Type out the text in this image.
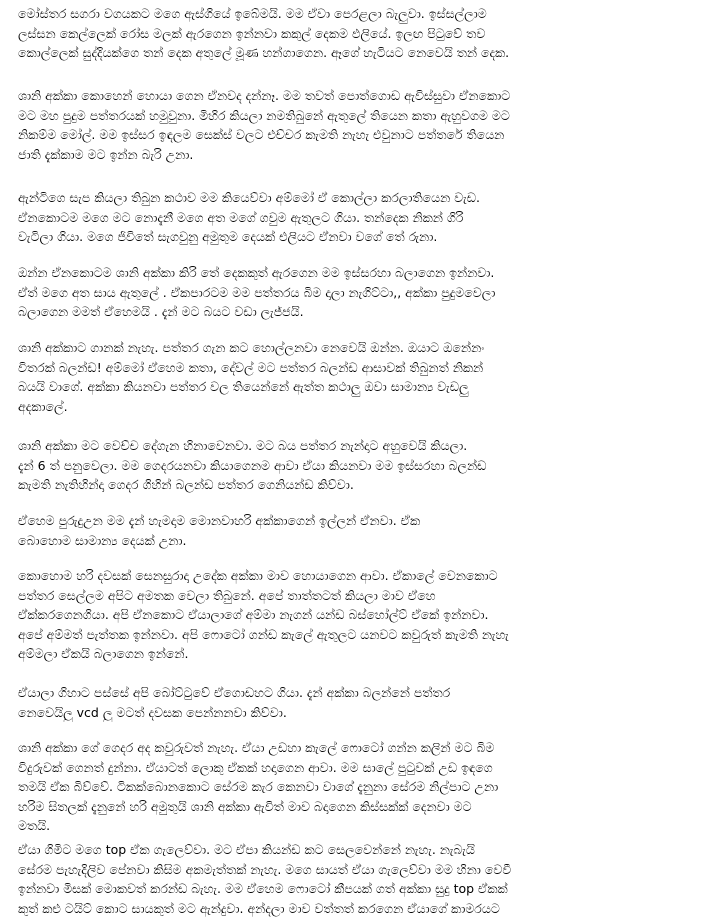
මෝස්තර සගරා වගයකට මගෙ ඇස්ගියේ ඉබේමයි. මම ඒවා පෙරළලා බැලුවා. ඉස්සල්ලාම
ලස්සන කෙල්ලෙක් රෝස මලක් ඇරගෙන ඉන්නවා කකුල් දෙකම ඵලියේ. ඉලඟ පිටුවේ තව
කොල්ලෙක් සුද්දියක්ගෙ තන් දෙක අතුලේ මූණ හන්ගාගෙන. ඈගේ හැටියට නෙවෙයි තන් දෙක.
ශානි අක්කා කොහෙන් හොයා ගෙන ඒනවද දන්නෑ. මම තවත් පොත්ගොඩ ඇවිස්සුවා ඒනකොට
මට මහ පුදුම පත්තරයක් හමුවුනා. මිහිර කියලා නමතිබුනේ ඇතුලේ තියෙන කතා ඇහුවගම මට
නිකම්ම මෝල්. මම ඉස්සර ඉඳලම සෙක්ස් වලට එච්චර කැමති නැහැ එවුනාට පත්තරේ තියෙන
ජාති දැක්කාම මට ඉන්න බැරි උනා.
ඇන්ටිගෙ සැප කියලා තිබුන කථාව මම කියෙව්වා අම්මෝ ඒ කොල්ලා කරලාතියෙන වැඩ.
ඒනකොටම මගෙ මට නොදැනී මගෙ අත මගේ ගවුම ඇතුලට ගියා. තන්දෙක නිකන් ගිරි
වැටිලා ගියා. මගෙ ජිවිතේ සැගවුනු අමුතුම දෙයක් එලියට ඒනවා වගේ තේ රුනා.
ඔන්න ඒනකොටම ශානි අක්කා කිරි තේ දෙකකුත් ඇරගෙන මම ඉස්සරහා බලාගෙන ඉන්නවා.
ඒත් මගෙ අත සාය ඇතුලේ . ඒකපාරටම මම පත්තරය බිම දාලා නැගිට්ටා,, අක්කා පුදුමවෙලා
බලාගෙන මමත් ඒහෙමයි . දැන් මට බයට වඩා ලැජ්ජයි.
ශානි අක්කාට ගානක් නැහැ. පත්තර ගැන කට හොල්ලනවා නෙවෙයි ඔන්න. ඔයාට ඔනේනං
විතරක් බලන්ඩ! අම්මෝ ඒහෙම කතා, දේවල් මට පත්තර බලන්ඩ ආසාවක් තිබුනත් නිකන්
බයයි වාගේ. අක්කා කියනවා පත්තර වල තියෙන්නේ ඇත්ත කථාලු ඔවා සාමාන්‍ය වැඩලු
අදකාලේ.
ශානි අක්කා මට වෙච්ච දේගැන හිනාවෙනවා. මට බය පත්තර නැන්දාට අහුවෙයි කියලා.
දැන් 6 ත් පනුවෙලා. මම ගෙදරයනවා කියාගෙනම ආවා ඒයා කියනවා මම ඉස්සරහා බලන්ඩ
කැමති නැතිහින්දා ගෙදර ගිහින් බලන්ඩ පත්තර ගෙනියන්ඩ කිව්වා.
ඒහෙම පුරුදුඋන මම දැන් හැමදාම මොනවාහරි අක්කාගෙන් ඉල්ලන් ඒනවා. ඒක
බොහොම සාමාන්‍ය දෙයක් උනා.
කොහොම හරි දවසක් සෙනසුරාදා උදේක අක්කා මාව හොයාගෙන ආවා. ඒකාලේ වෙනකොට
පත්තර සෙල්ලම අපිට අමතක වෙලා තිබුනේ. අපේ තාත්තටත් කියලා මාව ඒහෙ
ඒක්කරගෙනගියා. අපි ඒනකොට ඒයාලාගේ අම්මා නැගන් යන්ඩ බස්හෝල්ට් ඒකේ ඉන්නවා.
අපේ අම්මත් පැත්තක ඉන්නවා. අපි ෆොටෝ ගන්ඩ කැලේ ඇතුලට යනවට කවුරුත් කැමති නැහැ
අම්මලා ඒකයි බලාගෙන ඉන්නේ.
ඒයාලා ගිහාට පස්සේ අපි බෝට්ටුවේ ඒගොඩහට ගියා. දැන් අක්කා බලන්නේ පත්තර
නෙවෙයිලු vcd ලු මටත් දවසක පෙන්නනවා කිව්වා.
ශානි අක්කා ගේ ගෙදර අද කවුරුවත් නැහැ. ඒයා උඩහා කැලේ ෆොටෝ ගන්න කලින් මට බිම
විදුරුවක් ගෙනත් දුන්නා. ඒයාටත් ලොකු ඒකක් හදාගෙන ආවා. මම සාලේ පුටුවක් උඩ ඉඳගෙ
තමයි ඒක බිව්වේ. ටිකක්බොනකොට සේරම කැර කෙනවා වාගේ දැනුනා සේරම නිල්පාට උනා
හරිම සිතලක් දැනුනේ හරි අමුතුයි ශානි අක්කා ඇවිත් මාව බදාගෙන කිස්සක්ක් දෙනවා මට
මතයි.
ඒයා ගිමිට මගෙ top ඒක ගැලෙව්වා. මට ඒපා කියන්ඩ කට සෙලවෙන්නේ නැහැ. නැබැයි
සේරම පැහැදිලිව පේනවා කිසිම අකමැත්තක් නැහැ. මගෙ සායත් ඒයා ගැලෙව්වා මම හිනා වෙවී
ඉන්නවා මිසක් මොකවත් කරන්ඩ බැහැ. මම ඒහෙම ෆොටෝ කීපයක් ගත් අක්කා සුදු top ඒකක්
කුත් කළු ටයිට් කොට සායකුත් මට ඇන්දුවා. අන්දලා මාව වත්තත් කරගෙන ඒයාගේ කාමරයට
